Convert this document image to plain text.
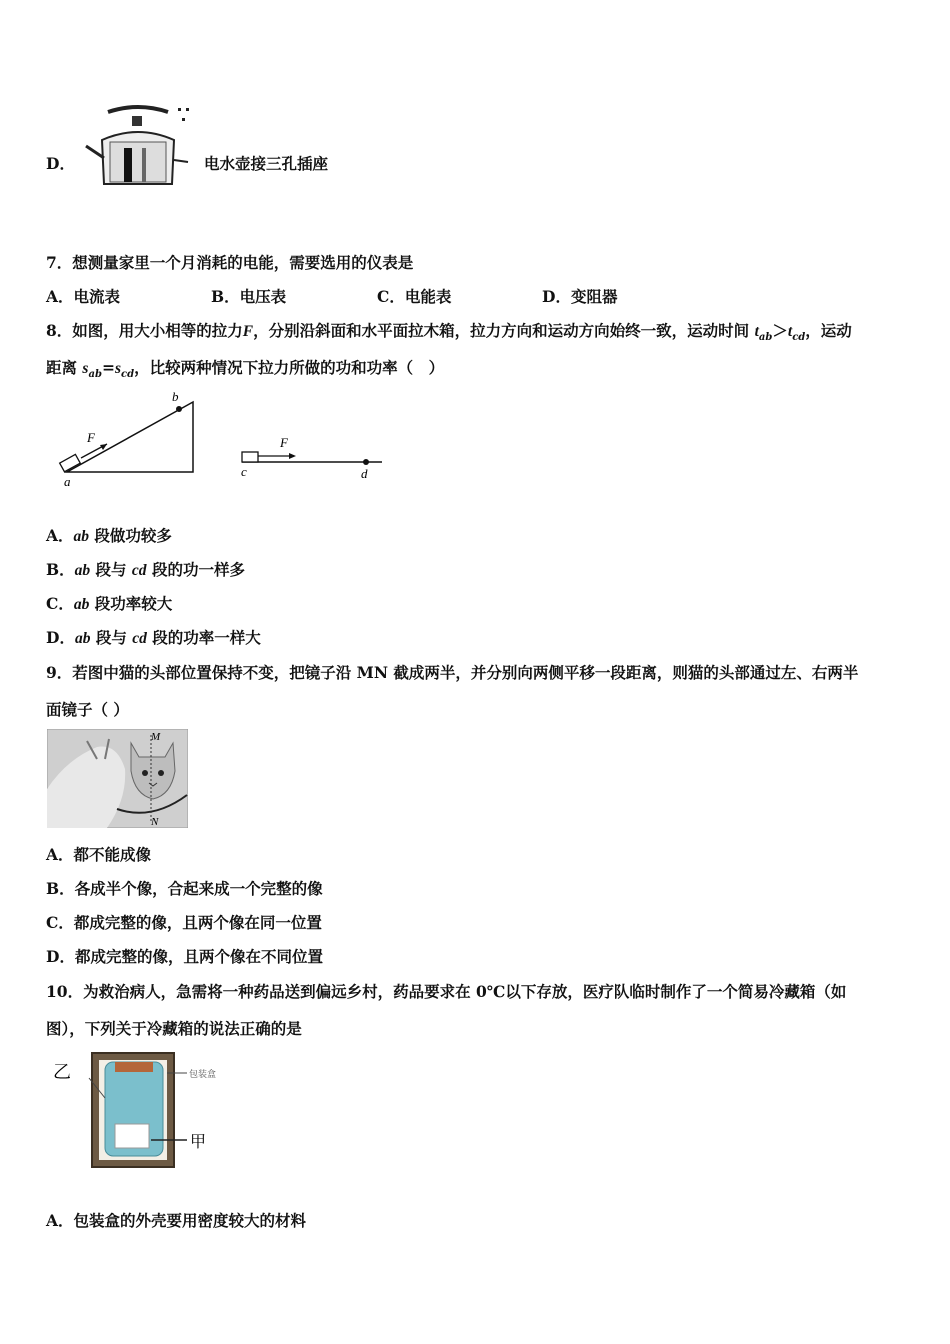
D．	电水壶接三孔插座
7．想测量家里一个月消耗的电能，需要选用的仪表是
A．电流表	B．电压表	C．电能表	D．变阻器
8．如图，用大小相等的拉力F，分别沿斜面和水平面拉木箱，拉力方向和运动方向始终一致，运动时间 $t_{ab}>t_{cd}$，运动
距离 $s_{ab}=s_{cd}$，比较两种情况下拉力所做的功和功率（　）
b
a
F	F
c	d
A．ab 段做功较多
B．ab 段与 cd 段的功一样多
C．ab 段功率较大
D．ab 段与 cd 段的功率一样大
9．若图中猫的头部位置保持不变，把镜子沿 MN 截成两半，并分别向两侧平移一段距离，则猫的头部通过左、右两半
面镜子（ ）
M
N
A．都不能成像
B．各成半个像，合起来成一个完整的像
C．都成完整的像，且两个像在同一位置
D．都成完整的像，且两个像在不同位置
10．为救治病人，急需将一种药品送到偏远乡村，药品要求在 0℃以下存放，医疗队临时制作了一个简易冷藏箱（如
图），下列关于冷藏箱的说法正确的是
乙	包装盒
甲
A．包装盒的外壳要用密度较大的材料
